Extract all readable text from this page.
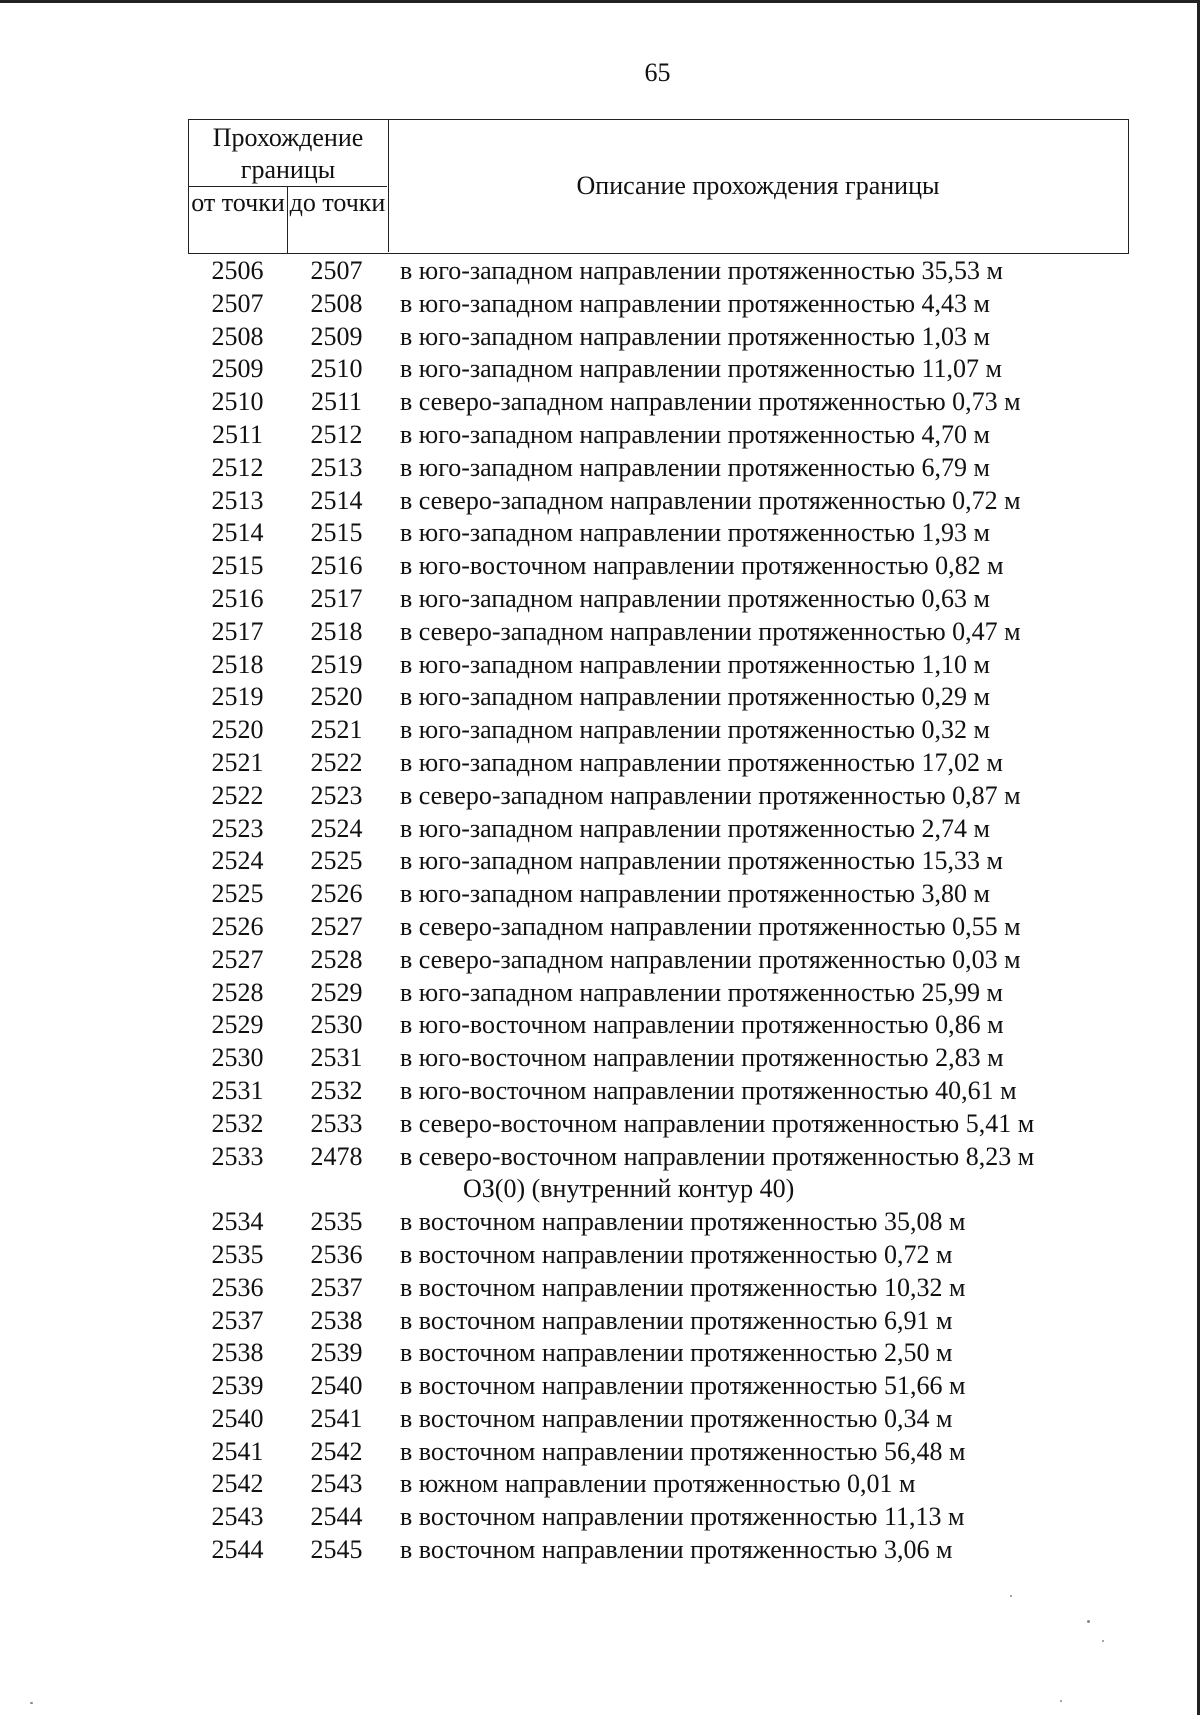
65
Прохождение границы
от точки до точки
Описание прохождения границы
2506	2507	в юго-западном направлении протяженностью 35,53 м
2507	2508	в юго-западном направлении протяженностью 4,43 м
2508	2509	в юго-западном направлении протяженностью 1,03 м
2509	2510	в юго-западном направлении протяженностью 11,07 м
2510	2511	в северо-западном направлении протяженностью 0,73 м
2511	2512	в юго-западном направлении протяженностью 4,70 м
2512	2513	в юго-западном направлении протяженностью 6,79 м
2513	2514	в северо-западном направлении протяженностью 0,72 м
2514	2515	в юго-западном направлении протяженностью 1,93 м
2515	2516	в юго-восточном направлении протяженностью 0,82 м
2516	2517	в юго-западном направлении протяженностью 0,63 м
2517	2518	в северо-западном направлении протяженностью 0,47 м
2518	2519	в юго-западном направлении протяженностью 1,10 м
2519	2520	в юго-западном направлении протяженностью 0,29 м
2520	2521	в юго-западном направлении протяженностью 0,32 м
2521	2522	в юго-западном направлении протяженностью 17,02 м
2522	2523	в северо-западном направлении протяженностью 0,87 м
2523	2524	в юго-западном направлении протяженностью 2,74 м
2524	2525	в юго-западном направлении протяженностью 15,33 м
2525	2526	в юго-западном направлении протяженностью 3,80 м
2526	2527	в северо-западном направлении протяженностью 0,55 м
2527	2528	в северо-западном направлении протяженностью 0,03 м
2528	2529	в юго-западном направлении протяженностью 25,99 м
2529	2530	в юго-восточном направлении протяженностью 0,86 м
2530	2531	в юго-восточном направлении протяженностью 2,83 м
2531	2532	в юго-восточном направлении протяженностью 40,61 м
2532	2533	в северо-восточном направлении протяженностью 5,41 м
2533	2478	в северо-восточном направлении протяженностью 8,23 м
ОЗ(0) (внутренний контур 40)
2534	2535	в восточном направлении протяженностью 35,08 м
2535	2536	в восточном направлении протяженностью 0,72 м
2536	2537	в восточном направлении протяженностью 10,32 м
2537	2538	в восточном направлении протяженностью 6,91 м
2538	2539	в восточном направлении протяженностью 2,50 м
2539	2540	в восточном направлении протяженностью 51,66 м
2540	2541	в восточном направлении протяженностью 0,34 м
2541	2542	в восточном направлении протяженностью 56,48 м
2542	2543	в южном направлении протяженностью 0,01 м
2543	2544	в восточном направлении протяженностью 11,13 м
2544	2545	в восточном направлении протяженностью 3,06 м
